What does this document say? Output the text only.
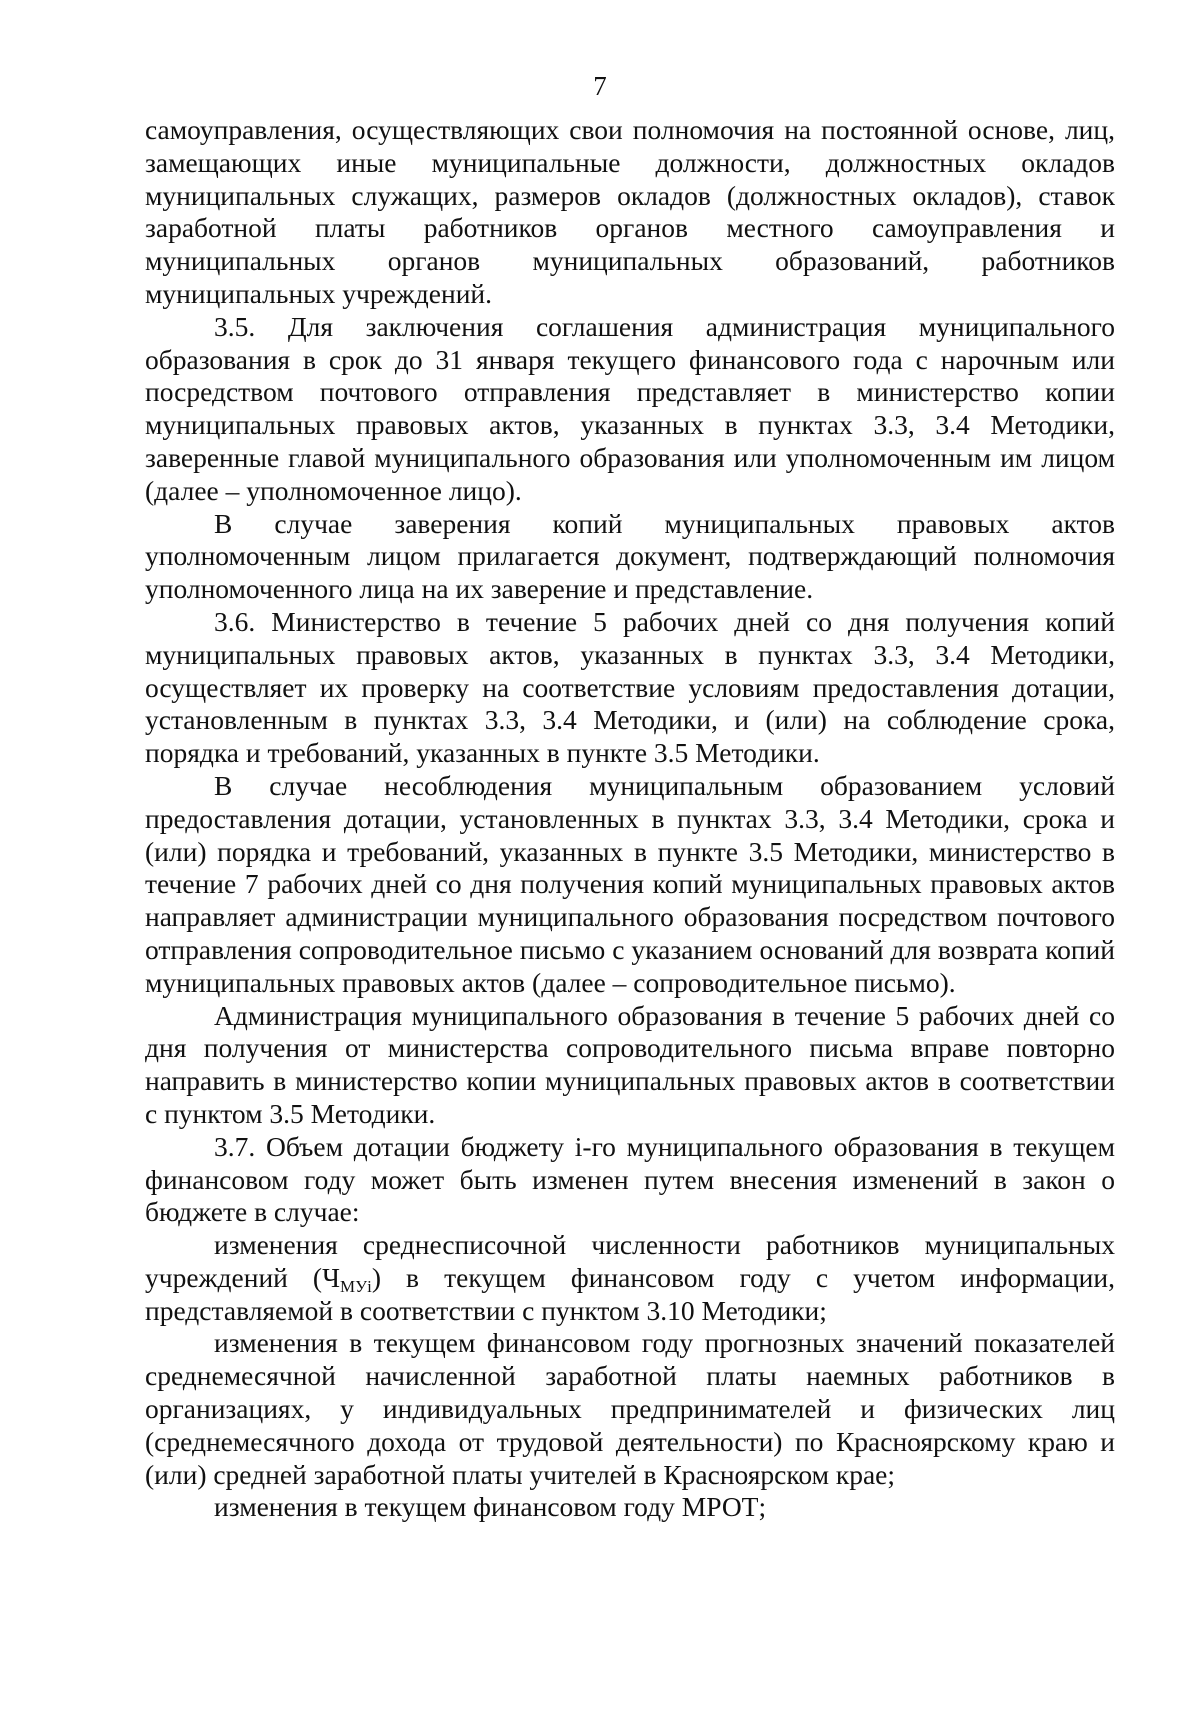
7

самоуправления, осуществляющих свои полномочия на постоянной основе, лиц, замещающих иные муниципальные должности, должностных окладов муниципальных служащих, размеров окладов (должностных окладов), ставок заработной платы работников органов местного самоуправления и муниципальных органов муниципальных образований, работников муниципальных учреждений.

3.5. Для заключения соглашения администрация муниципального образования в срок до 31 января текущего финансового года с нарочным или посредством почтового отправления представляет в министерство копии муниципальных правовых актов, указанных в пунктах 3.3, 3.4 Методики, заверенные главой муниципального образования или уполномоченным им лицом (далее – уполномоченное лицо).

В случае заверения копий муниципальных правовых актов уполномоченным лицом прилагается документ, подтверждающий полномочия уполномоченного лица на их заверение и представление.

3.6. Министерство в течение 5 рабочих дней со дня получения копий муниципальных правовых актов, указанных в пунктах 3.3, 3.4 Методики, осуществляет их проверку на соответствие условиям предоставления дотации, установленным в пунктах 3.3, 3.4 Методики, и (или) на соблюдение срока, порядка и требований, указанных в пункте 3.5 Методики.

В случае несоблюдения муниципальным образованием условий предоставления дотации, установленных в пунктах 3.3, 3.4 Методики, срока и (или) порядка и требований, указанных в пункте 3.5 Методики, министерство в течение 7 рабочих дней со дня получения копий муниципальных правовых актов направляет администрации муниципального образования посредством почтового отправления сопроводительное письмо с указанием оснований для возврата копий муниципальных правовых актов (далее – сопроводительное письмо).

Администрация муниципального образования в течение 5 рабочих дней со дня получения от министерства сопроводительного письма вправе повторно направить в министерство копии муниципальных правовых актов в соответствии с пунктом 3.5 Методики.

3.7. Объем дотации бюджету i-го муниципального образования в текущем финансовом году может быть изменен путем внесения изменений в закон о бюджете в случае:

изменения среднесписочной численности работников муниципальных учреждений $(Ч_{МУi})$ в текущем финансовом году с учетом информации, представляемой в соответствии с пунктом 3.10 Методики;

изменения в текущем финансовом году прогнозных значений показателей среднемесячной начисленной заработной платы наемных работников в организациях, у индивидуальных предпринимателей и физических лиц (среднемесячного дохода от трудовой деятельности) по Красноярскому краю и (или) средней заработной платы учителей в Красноярском крае;

изменения в текущем финансовом году МРОТ;
